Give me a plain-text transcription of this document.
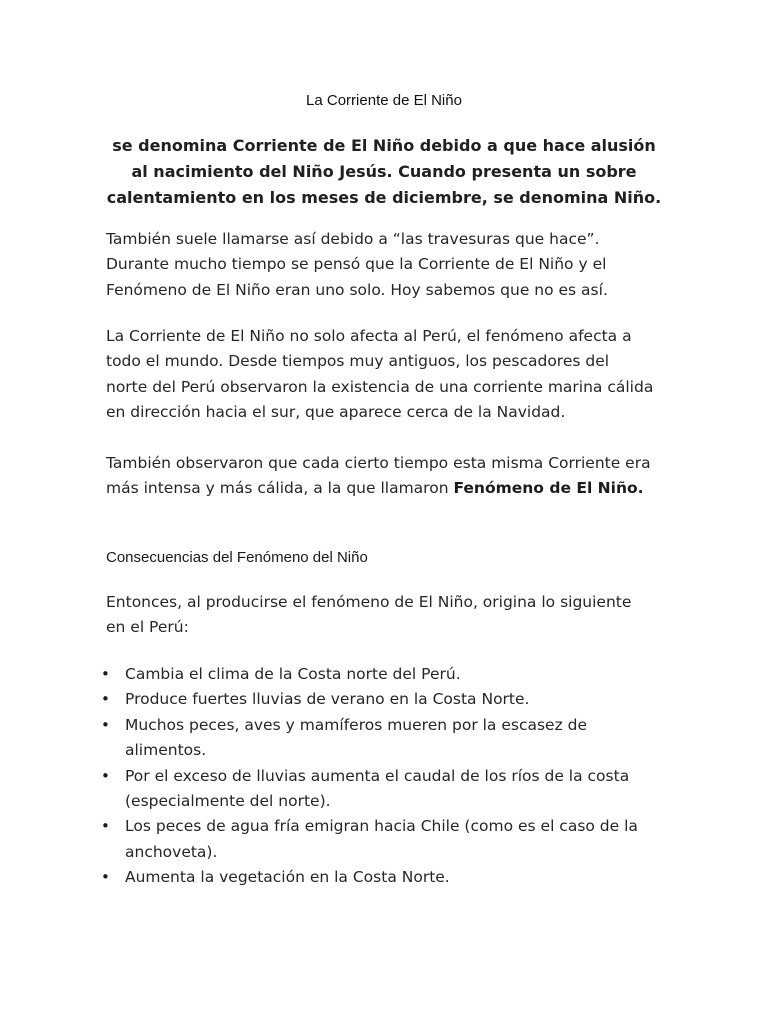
La Corriente de El Niño
se denomina Corriente de El Niño debido a que hace alusión al nacimiento del Niño Jesús. Cuando presenta un sobre calentamiento en los meses de diciembre, se denomina Niño.
También suele llamarse así debido a “las travesuras que hace”. Durante mucho tiempo se pensó que la Corriente de El Niño y el Fenómeno de El Niño eran uno solo. Hoy sabemos que no es así.
La Corriente de El Niño no solo afecta al Perú, el fenómeno afecta a todo el mundo. Desde tiempos muy antiguos, los pescadores del norte del Perú observaron la existencia de una corriente marina cálida en dirección hacia el sur, que aparece cerca de la Navidad.
También observaron que cada cierto tiempo esta misma Corriente era más intensa y más cálida, a la que llamaron Fenómeno de El Niño.
Consecuencias del Fenómeno del Niño
Entonces, al producirse el fenómeno de El Niño, origina lo siguiente en el Perú:
• Cambia el clima de la Costa norte del Perú.
• Produce fuertes lluvias de verano en la Costa Norte.
• Muchos peces, aves y mamíferos mueren por la escasez de alimentos.
• Por el exceso de lluvias aumenta el caudal de los ríos de la costa (especialmente del norte).
• Los peces de agua fría emigran hacia Chile (como es el caso de la anchoveta).
• Aumenta la vegetación en la Costa Norte.
